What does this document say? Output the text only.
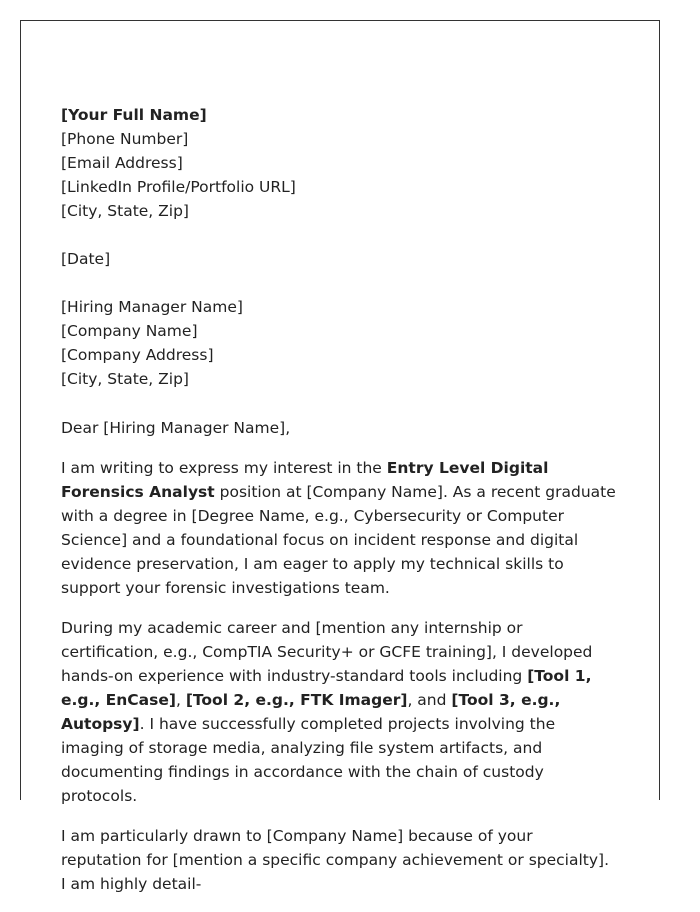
[Your Full Name]
[Phone Number]
[Email Address]
[LinkedIn Profile/Portfolio URL]
[City, State, Zip]
[Date]
[Hiring Manager Name]
[Company Name]
[Company Address]
[City, State, Zip]

Dear [Hiring Manager Name],

I am writing to express my interest in the Entry Level Digital Forensics Analyst position at [Company Name]. As a recent graduate with a degree in [Degree Name, e.g., Cybersecurity or Computer Science] and a foundational focus on incident response and digital evidence preservation, I am eager to apply my technical skills to support your forensic investigations team.

During my academic career and [mention any internship or certification, e.g., CompTIA Security+ or GCFE training], I developed hands-on experience with industry-standard tools including [Tool 1, e.g., EnCase], [Tool 2, e.g., FTK Imager], and [Tool 3, e.g., Autopsy]. I have successfully completed projects involving the imaging of storage media, analyzing file system artifacts, and documenting findings in accordance with the chain of custody protocols.

I am particularly drawn to [Company Name] because of your reputation for [mention a specific company achievement or specialty]. I am highly detail-
